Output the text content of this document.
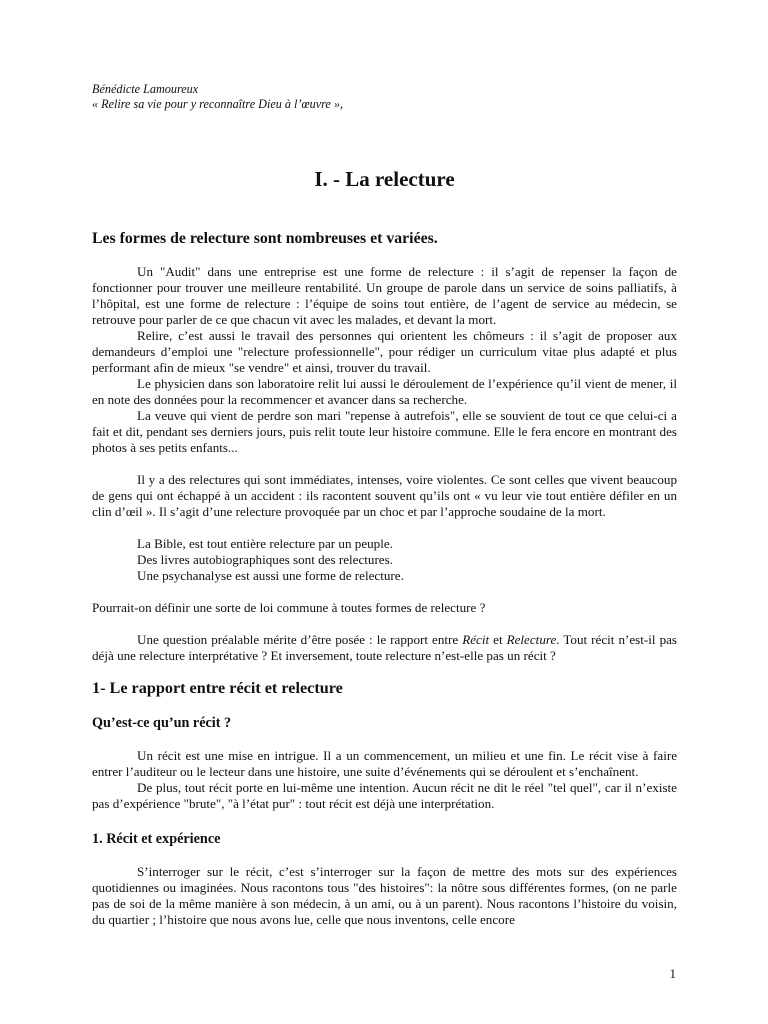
Bénédicte Lamoureux

« Relire sa vie pour y reconnaître Dieu à l’œuvre »,

I. - La relecture
Les formes de relecture sont nombreuses et variées.

Un "Audit" dans une entreprise est une forme de relecture : il s’agit de repenser la façon de fonctionner pour trouver une meilleure rentabilité. Un groupe de parole dans un service de soins palliatifs, à l’hôpital, est une forme de relecture : l’équipe de soins tout entière, de l’agent de service au médecin, se retrouve pour parler de ce que chacun vit avec les malades, et devant la mort.

Relire, c’est aussi le travail des personnes qui orientent les chômeurs : il s’agit de proposer aux demandeurs d’emploi une "relecture professionnelle", pour rédiger un curriculum vitae plus adapté et plus performant afin de mieux "se vendre" et ainsi, trouver du travail.

Le physicien dans son laboratoire relit lui aussi le déroulement de l’expérience qu’il vient de mener, il en note des données pour la recommencer et avancer dans sa recherche.

La veuve qui vient de perdre son mari "repense à autrefois", elle se souvient de tout ce que celui-ci a fait et dit, pendant ses derniers jours, puis relit toute leur histoire commune. Elle le fera encore en montrant des photos à ses petits enfants...

Il y a des relectures qui sont immédiates, intenses, voire violentes. Ce sont celles que vivent beaucoup de gens qui ont échappé à un accident : ils racontent souvent qu’ils ont « vu leur vie tout entière défiler en un clin d’œil ». Il s’agit d’une relecture provoquée par un choc et par l’approche soudaine de la mort.

La Bible, est tout entière relecture par un peuple.
Des livres autobiographiques sont des relectures.
Une psychanalyse est aussi une forme de relecture.

Pourrait-on définir une sorte de loi commune à toutes formes de relecture ?

Une question préalable mérite d’être posée : le rapport entre Récit et Relecture. Tout récit n’est-il pas déjà une relecture interprétative ? Et inversement, toute relecture n’est-elle pas un récit ?

1- Le rapport entre récit et relecture
Qu’est-ce qu’un récit ?

Un récit est une mise en intrigue. Il a un commencement, un milieu et une fin. Le récit vise à faire entrer l’auditeur ou le lecteur dans une histoire, une suite d’événements qui se déroulent et s’enchaînent.

De plus, tout récit porte en lui-même une intention. Aucun récit ne dit le réel "tel quel", car il n’existe pas d’expérience "brute", "à l’état pur" : tout récit est déjà une interprétation.

1. Récit et expérience

S’interroger sur le récit, c’est s’interroger sur la façon de mettre des mots sur des expériences quotidiennes ou imaginées. Nous racontons tous "des histoires": la nôtre sous différentes formes, (on ne parle pas de soi de la même manière à son médecin, à un ami, ou à un parent). Nous racontons l’histoire du voisin, du quartier ; l’histoire que nous avons lue, celle que nous inventons, celle encore

1
